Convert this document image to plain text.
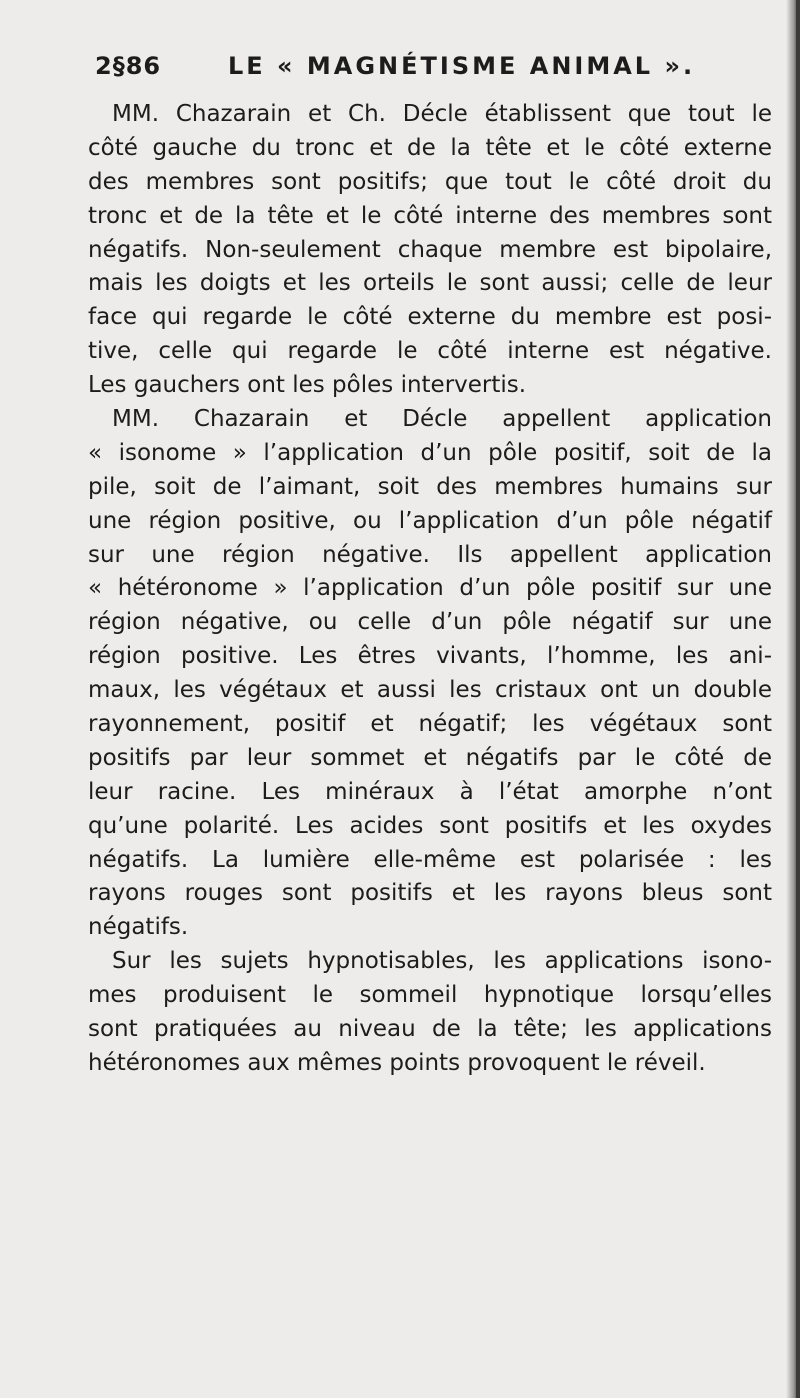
2§86	LE « MAGNÉTISME ANIMAL ».
MM. Chazarain et Ch. Décle établissent que tout le
côté gauche du tronc et de la tête et le côté externe
des membres sont positifs; que tout le côté droit du
tronc et de la tête et le côté interne des membres sont
négatifs. Non-seulement chaque membre est bipolaire,
mais les doigts et les orteils le sont aussi; celle de leur
face qui regarde le côté externe du membre est posi-
tive, celle qui regarde le côté interne est négative.
Les gauchers ont les pôles intervertis.
MM. Chazarain et Décle appellent application
« isonome » l’application d’un pôle positif, soit de la
pile, soit de l’aimant, soit des membres humains sur
une région positive, ou l’application d’un pôle négatif
sur une région négative. Ils appellent application
« hétéronome » l’application d’un pôle positif sur une
région négative, ou celle d’un pôle négatif sur une
région positive. Les êtres vivants, l’homme, les ani-
maux, les végétaux et aussi les cristaux ont un double
rayonnement, positif et négatif; les végétaux sont
positifs par leur sommet et négatifs par le côté de
leur racine. Les minéraux à l’état amorphe n’ont
qu’une polarité. Les acides sont positifs et les oxydes
négatifs. La lumière elle-même est polarisée : les
rayons rouges sont positifs et les rayons bleus sont
négatifs.
Sur les sujets hypnotisables, les applications isono-
mes produisent le sommeil hypnotique lorsqu’elles
sont pratiquées au niveau de la tête; les applications
hétéronomes aux mêmes points provoquent le réveil.
